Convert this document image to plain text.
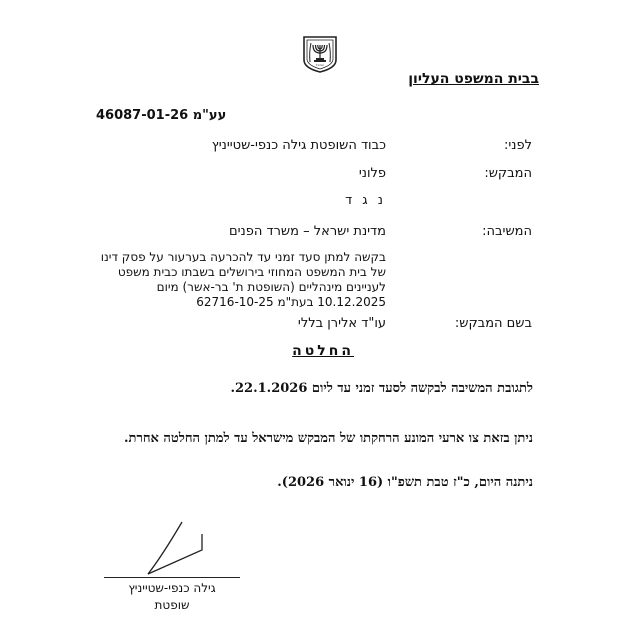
ישראל
בבית המשפט העליון
עע"מ 46087-01-26
לפני:
כבוד השופטת גילה כנפי-שטייניץ
המבקש:
פלוני
נ ג ד
המשיבה:
מדינת ישראל – משרד הפנים
בקשה למתן סעד זמני עד להכרעה בערעור על פסק דינו של בית המשפט המחוזי בירושלים בשבתו כבית משפט לעניינים מינהליים (השופטת ת' בר-אשר) מיום 10.12.2025 בעת"מ 62716-10-25
בשם המבקש:
עו"ד אלירן בללי
החלטה
לתגובת המשיבה לבקשה לסעד זמני עד ליום 22.1.2026.
ניתן בזאת צו ארעי המונע הרחקתו של המבקש מישראל עד למתן החלטה אחרת.
ניתנה היום, כ"ז טבת תשפ"ו (16 ינואר 2026).
גילה כנפי-שטייניץ
שופטת
